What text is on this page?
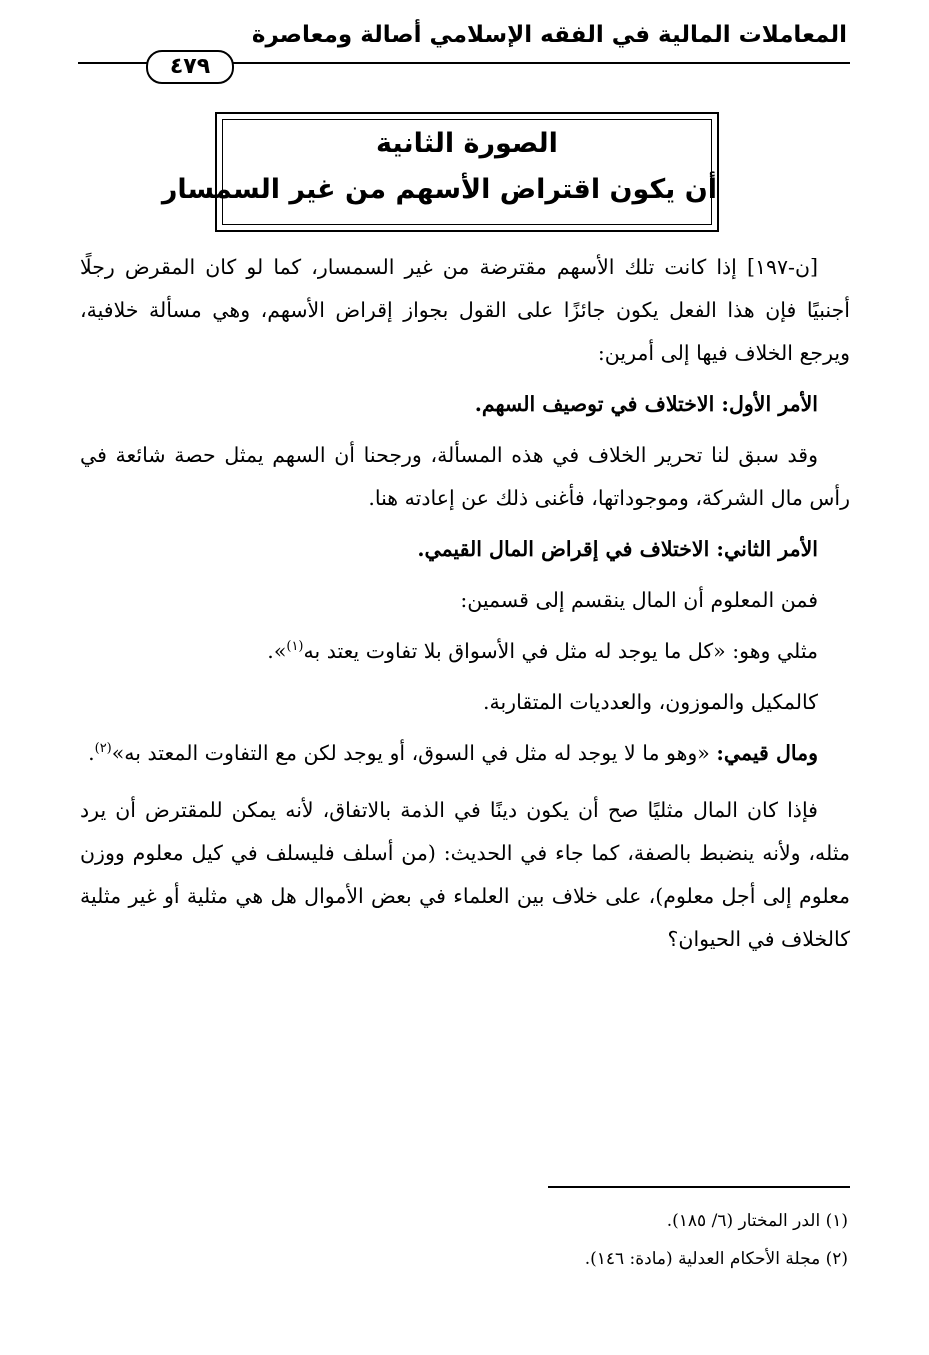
المعاملات المالية في الفقه الإسلامي أصالة ومعاصرة
٤٧٩
الصورة الثانية
أن يكون اقتراض الأسهم من غير السمسار

[ن-١٩٧] إذا كانت تلك الأسهم مقترضة من غير السمسار، كما لو كان المقرض رجلًا أجنبيًا فإن هذا الفعل يكون جائزًا على القول بجواز إقراض الأسهم، وهي مسألة خلافية، ويرجع الخلاف فيها إلى أمرين:

الأمر الأول: الاختلاف في توصيف السهم.

وقد سبق لنا تحرير الخلاف في هذه المسألة، ورجحنا أن السهم يمثل حصة شائعة في رأس مال الشركة، وموجوداتها، فأغنى ذلك عن إعادته هنا.

الأمر الثاني: الاختلاف في إقراض المال القيمي.

فمن المعلوم أن المال ينقسم إلى قسمين:

مثلي وهو: «كل ما يوجد له مثل في الأسواق بلا تفاوت يعتد به$^{(١)}$».

كالمكيل والموزون، والعدديات المتقاربة.

ومال قيمي: «وهو ما لا يوجد له مثل في السوق، أو يوجد لكن مع التفاوت المعتد به»$^{(٢)}$.

فإذا كان المال مثليًا صح أن يكون دينًا في الذمة بالاتفاق، لأنه يمكن للمقترض أن يرد مثله، ولأنه ينضبط بالصفة، كما جاء في الحديث: (من أسلف فليسلف في كيل معلوم ووزن معلوم إلى أجل معلوم)، على خلاف بين العلماء في بعض الأموال هل هي مثلية أو غير مثلية كالخلاف في الحيوان؟

(١) الدر المختار (٦/ ١٨٥).
(٢) مجلة الأحكام العدلية (مادة: ١٤٦).
